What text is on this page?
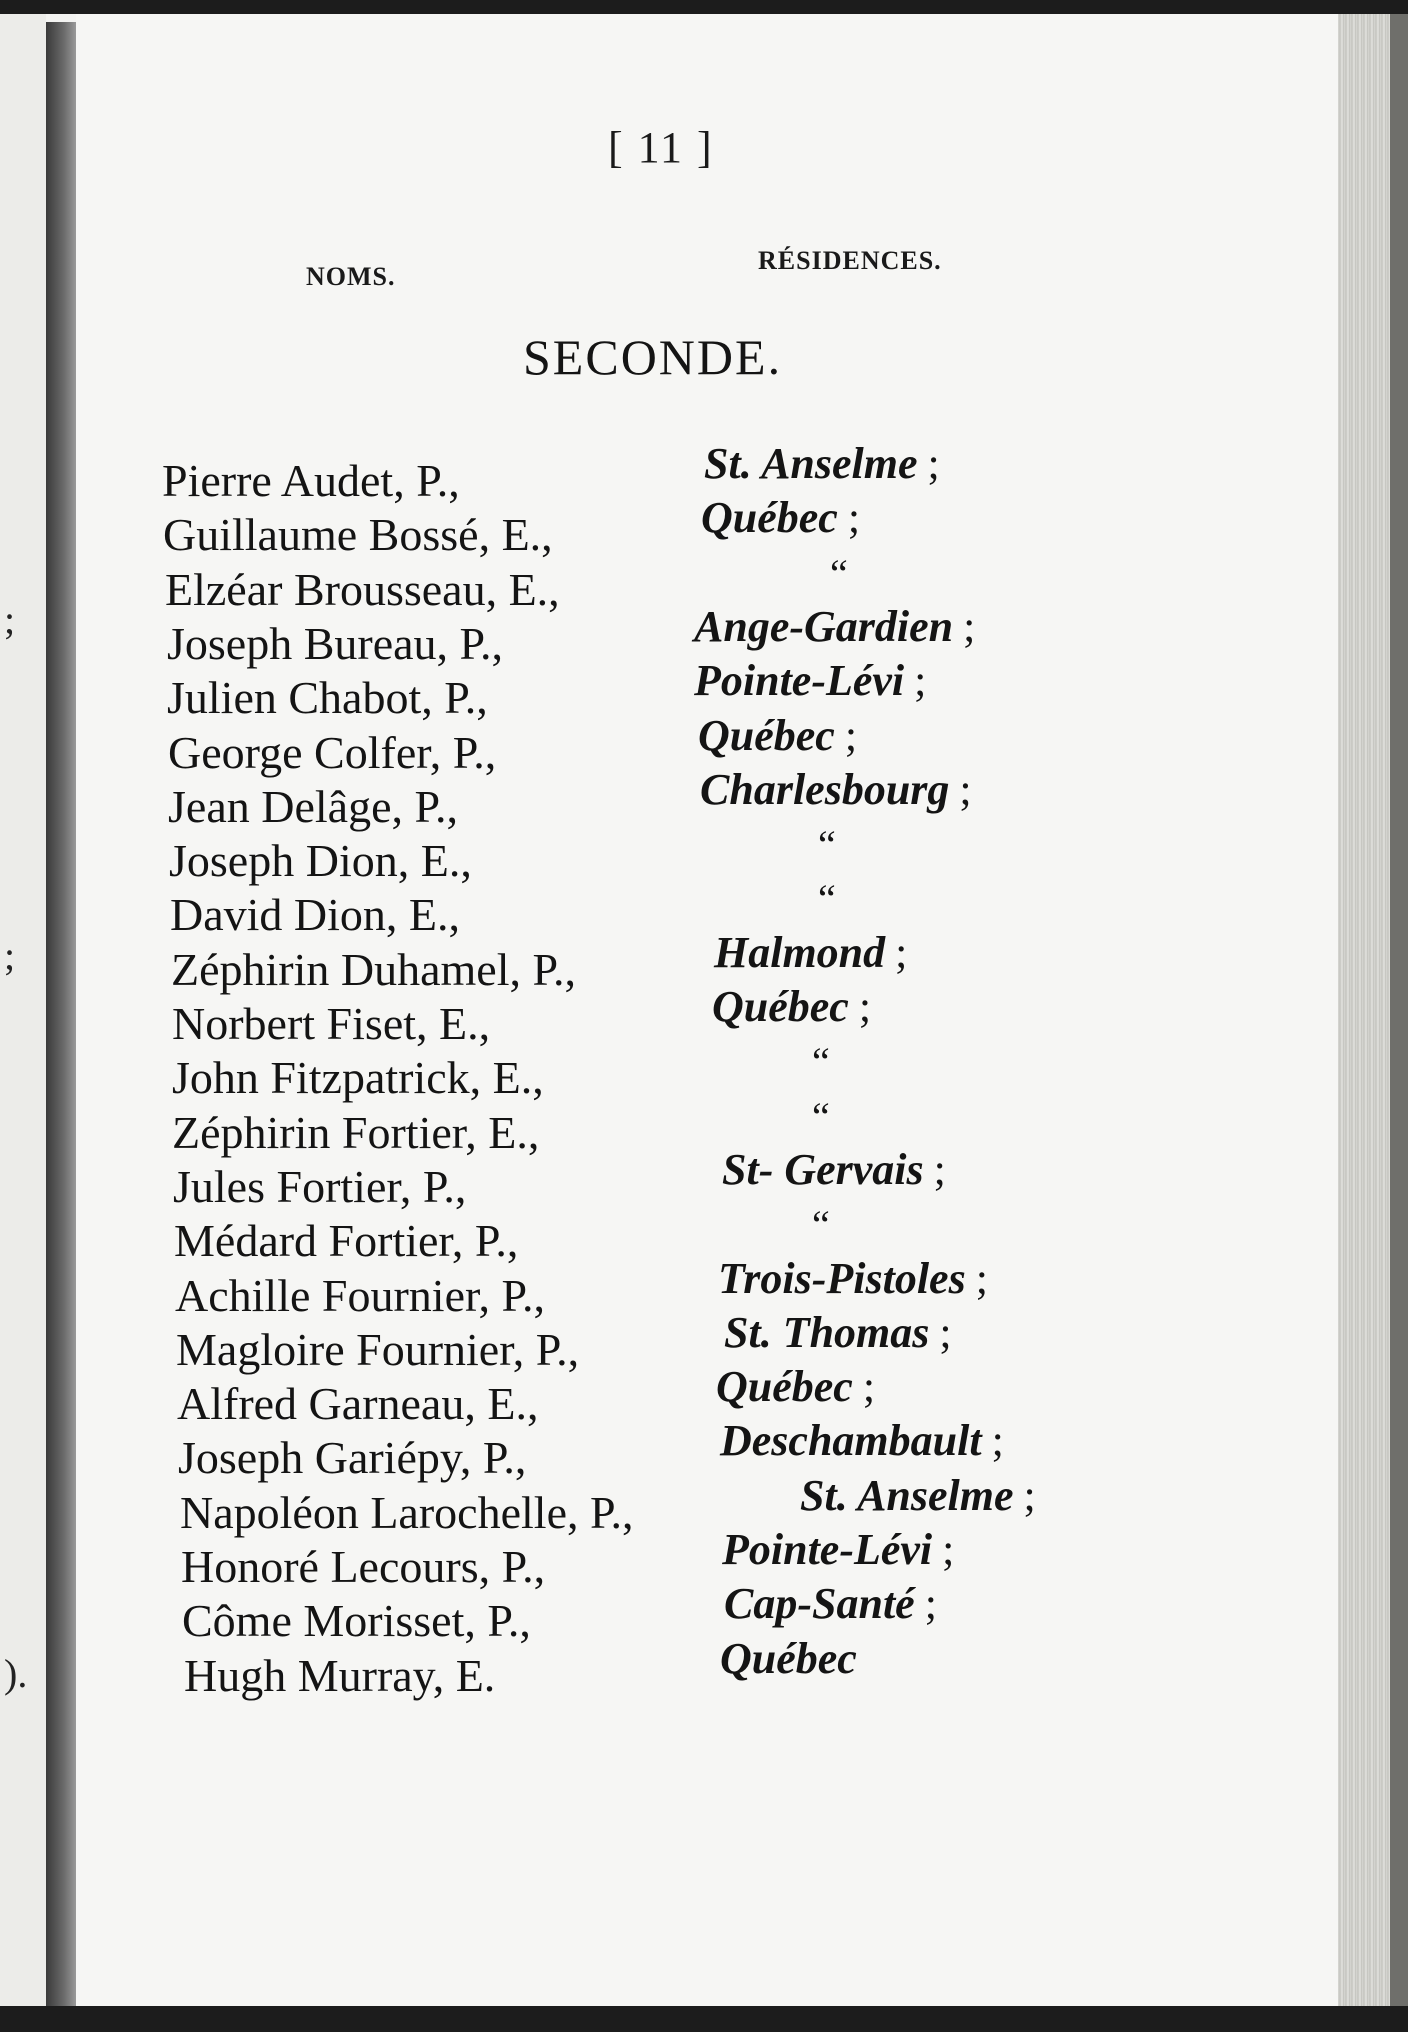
;
;
).
[ 11 ]
NOMS.
RÉSIDENCES.
SECONDE.
Pierre Audet, P.,	St. Anselme ;
Guillaume Bossé, E.,	Québec ;
Elzéar Brousseau, E.,	“
Joseph Bureau, P.,	Ange-Gardien ;
Julien Chabot, P.,	Pointe-Lévi ;
George Colfer, P.,	Québec ;
Jean Delâge, P.,	Charlesbourg ;
Joseph Dion, E.,	“
David Dion, E.,	“
Zéphirin Duhamel, P.,	Halmond ;
Norbert Fiset, E.,	Québec ;
John Fitzpatrick, E.,	“
Zéphirin Fortier, E.,	“
Jules Fortier, P.,	St- Gervais ;
Médard Fortier, P.,	“
Achille Fournier, P.,	Trois-Pistoles ;
Magloire Fournier, P.,	St. Thomas ;
Alfred Garneau, E.,	Québec ;
Joseph Gariépy, P.,	Deschambault ;
Napoléon Larochelle, P.,	St. Anselme ;
Honoré Lecours, P.,	Pointe-Lévi ;
Côme Morisset, P.,	Cap-Santé ;
Hugh Murray, E.	Québec
